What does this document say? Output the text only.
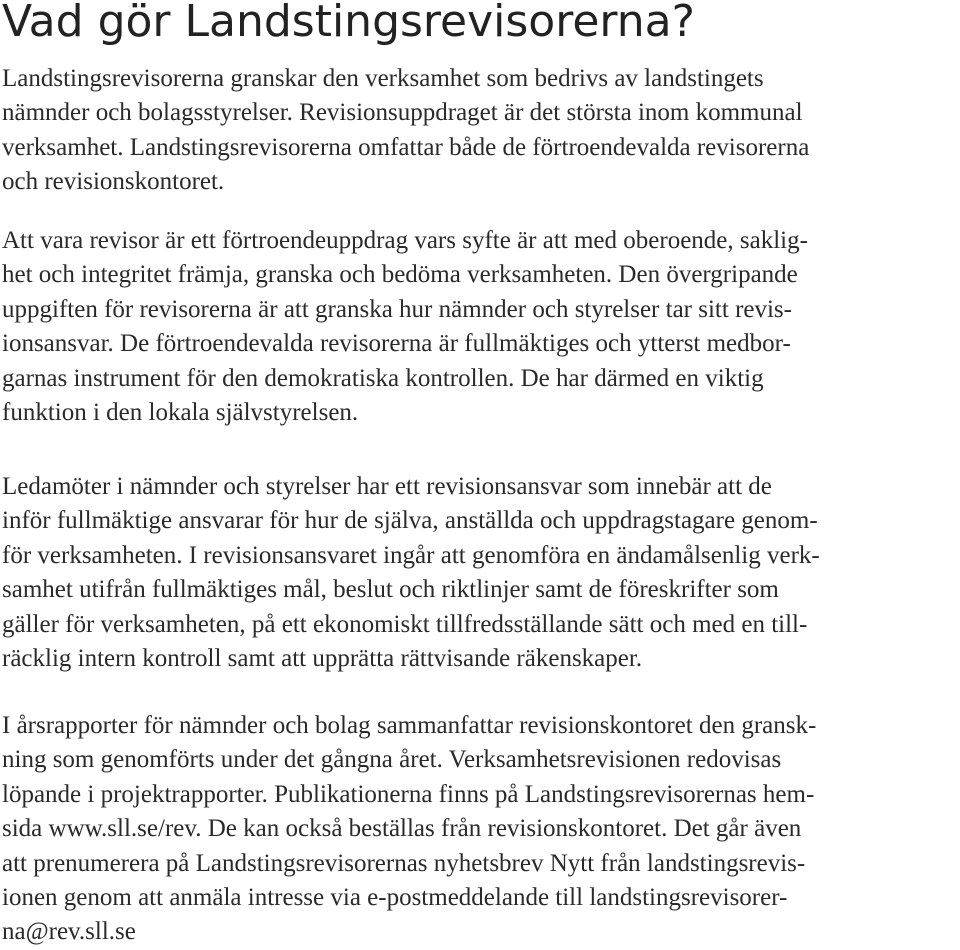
Vad gör Landstingsrevisorerna?

Landstingsrevisorerna granskar den verksamhet som bedrivs av landstingets
nämnder och bolagsstyrelser. Revisionsuppdraget är det största inom kommunal
verksamhet. Landstingsrevisorerna omfattar både de förtroendevalda revisorerna
och revisionskontoret.

Att vara revisor är ett förtroendeuppdrag vars syfte är att med oberoende, saklig-
het och integritet främja, granska och bedöma verksamheten. Den övergripande
uppgiften för revisorerna är att granska hur nämnder och styrelser tar sitt revis-
ionsansvar. De förtroendevalda revisorerna är fullmäktiges och ytterst medbor-
garnas instrument för den demokratiska kontrollen. De har därmed en viktig
funktion i den lokala självstyrelsen.

Ledamöter i nämnder och styrelser har ett revisionsansvar som innebär att de
inför fullmäktige ansvarar för hur de själva, anställda och uppdragstagare genom-
för verksamheten. I revisionsansvaret ingår att genomföra en ändamålsenlig verk-
samhet utifrån fullmäktiges mål, beslut och riktlinjer samt de föreskrifter som
gäller för verksamheten, på ett ekonomiskt tillfredsställande sätt och med en till-
räcklig intern kontroll samt att upprätta rättvisande räkenskaper.

I årsrapporter för nämnder och bolag sammanfattar revisionskontoret den gransk-
ning som genomförts under det gångna året. Verksamhetsrevisionen redovisas
löpande i projektrapporter. Publikationerna finns på Landstingsrevisorernas hem-
sida www.sll.se/rev. De kan också beställas från revisionskontoret. Det går även
att prenumerera på Landstingsrevisorernas nyhetsbrev Nytt från landstingsrevis-
ionen genom att anmäla intresse via e-postmeddelande till landstingsrevisorer-
na@rev.sll.se
